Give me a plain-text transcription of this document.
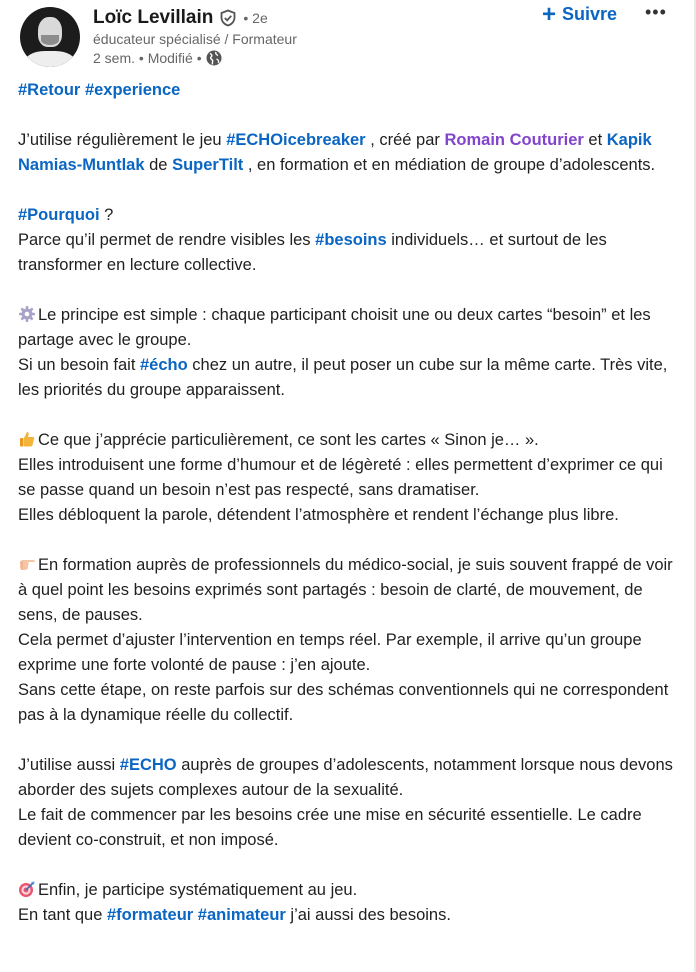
Loïc Levillain • 2e
éducateur spécialisé / Formateur
2 sem. • Modifié •
+ Suivre •••

#Retour #experience

J’utilise régulièrement le jeu #ECHOicebreaker , créé par Romain Couturier et Kapik Namias-Muntlak de SuperTilt , en formation et en médiation de groupe d’adolescents.

#Pourquoi ?

Parce qu’il permet de rendre visibles les #besoins individuels… et surtout de les transformer en lecture collective.

Le principe est simple : chaque participant choisit une ou deux cartes “besoin” et les partage avec le groupe.

Si un besoin fait #écho chez un autre, il peut poser un cube sur la même carte. Très vite, les priorités du groupe apparaissent.

Ce que j’apprécie particulièrement, ce sont les cartes « Sinon je… ».

Elles introduisent une forme d’humour et de légèreté : elles permettent d’exprimer ce qui se passe quand un besoin n’est pas respecté, sans dramatiser.

Elles débloquent la parole, détendent l’atmosphère et rendent l’échange plus libre.

En formation auprès de professionnels du médico-social, je suis souvent frappé de voir à quel point les besoins exprimés sont partagés : besoin de clarté, de mouvement, de sens, de pauses.

Cela permet d’ajuster l’intervention en temps réel. Par exemple, il arrive qu’un groupe exprime une forte volonté de pause : j’en ajoute.

Sans cette étape, on reste parfois sur des schémas conventionnels qui ne correspondent pas à la dynamique réelle du collectif.

J’utilise aussi #ECHO auprès de groupes d’adolescents, notamment lorsque nous devons aborder des sujets complexes autour de la sexualité.

Le fait de commencer par les besoins crée une mise en sécurité essentielle. Le cadre devient co-construit, et non imposé.

Enfin, je participe systématiquement au jeu.

En tant que #formateur #animateur j’ai aussi des besoins.
